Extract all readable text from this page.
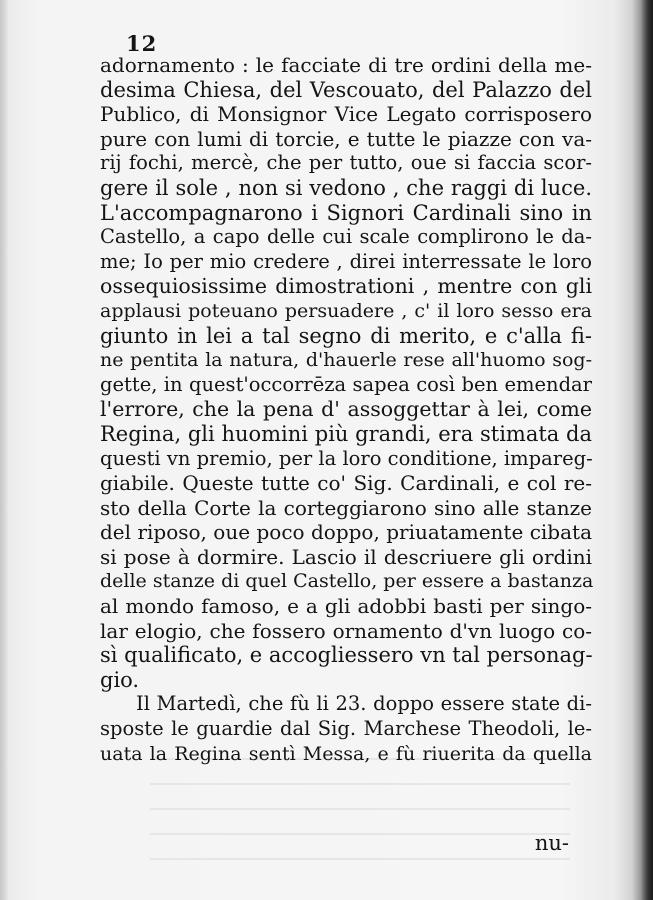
12
adornamento : le facciate di tre ordini della me-
desima Chiesa, del Vescouato, del Palazzo del
Publico, di Monsignor Vice Legato corrisposero
pure con lumi di torcie, e tutte le piazze con va-
rij fochi, mercè, che per tutto, oue si faccia scor-
gere il sole , non si vedono , che raggi di luce.
L'accompagnarono i Signori Cardinali sino in
Castello, a capo delle cui scale complirono le da-
me; Io per mio credere , direi interressate le loro
ossequiosissime dimostrationi , mentre con gli
applausi poteuano persuadere , c' il loro sesso era
giunto in lei a tal segno di merito, e c'alla fi-
ne pentita la natura, d'hauerle rese all'huomo sog-
gette, in quest'occorrēza sapea così ben emendar
l'errore, che la pena d' assoggettar à lei, come
Regina, gli huomini più grandi, era stimata da
questi vn premio, per la loro conditione, impareg-
giabile. Queste tutte co' Sig. Cardinali, e col re-
sto della Corte la corteggiarono sino alle stanze
del riposo, oue poco doppo, priuatamente cibata
si pose à dormire. Lascio il descriuere gli ordini
delle stanze di quel Castello, per essere a bastanza
al mondo famoso, e a gli adobbi basti per singo-
lar elogio, che fossero ornamento d'vn luogo co-
sì qualificato, e accogliessero vn tal personag-
gio.
Il Martedì, che fù li 23. doppo essere state di-
sposte le guardie dal Sig. Marchese Theodoli, le-
uata la Regina sentì Messa, e fù riuerita da quella
nu-
